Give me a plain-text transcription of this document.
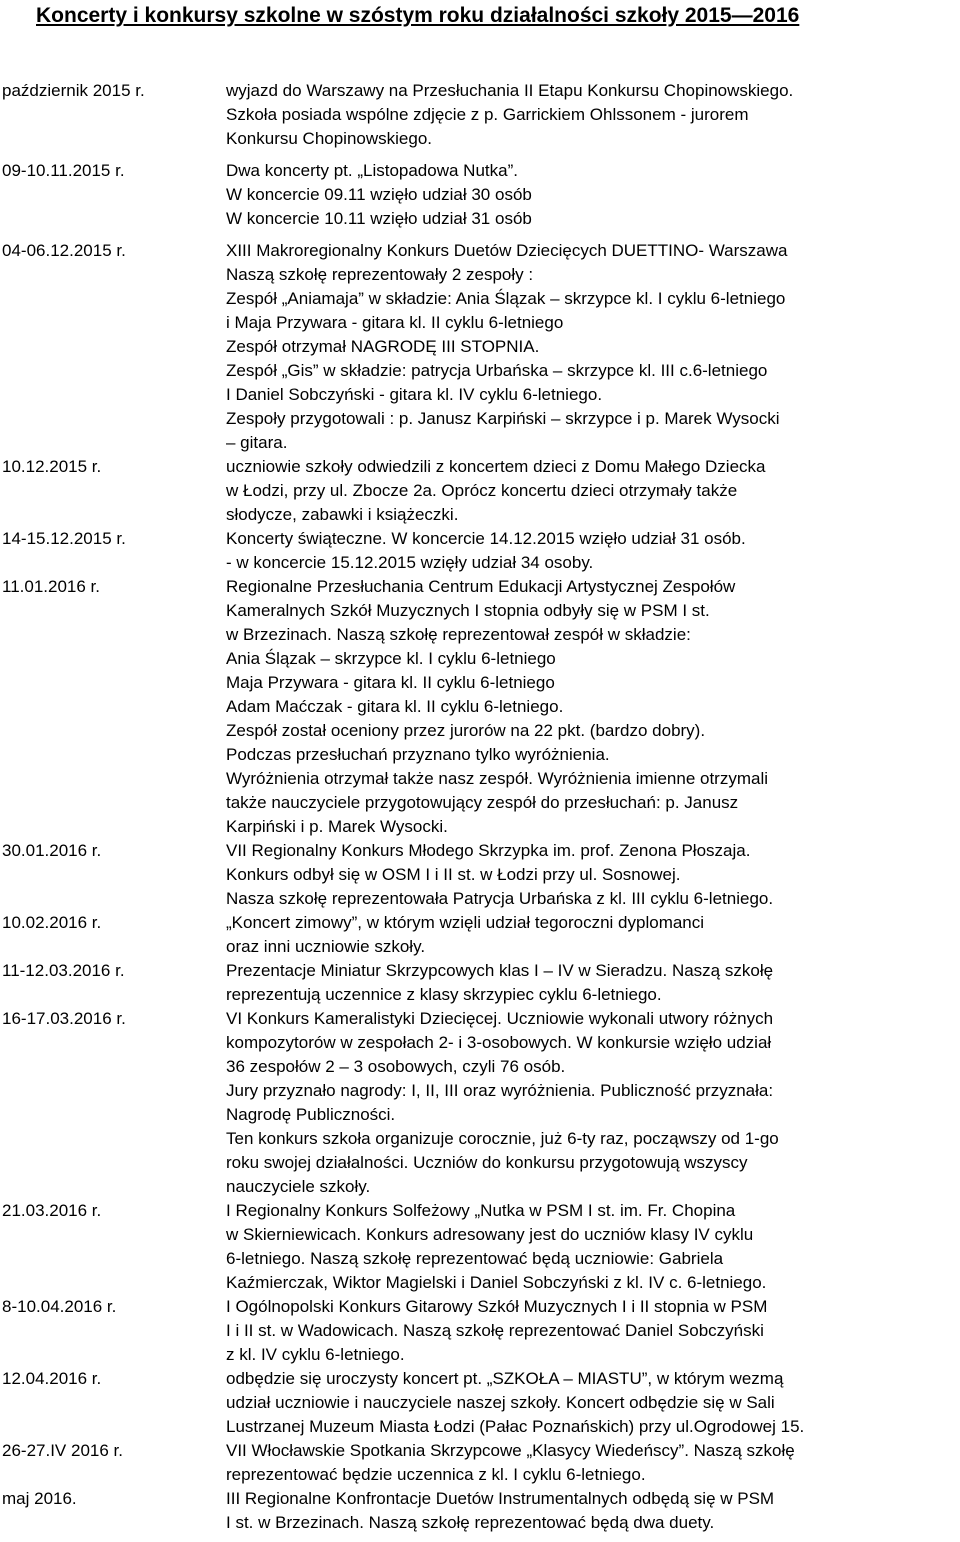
Koncerty i konkursy szkolne w szóstym roku działalności szkoły 2015—2016
październik 2015 r.	wyjazd do Warszawy na Przesłuchania II Etapu Konkursu Chopinowskiego.
Szkoła posiada wspólne zdjęcie z p. Garrickiem Ohlssonem - jurorem
Konkursu Chopinowskiego.
09-10.11.2015 r.	Dwa koncerty pt. „Listopadowa Nutka”.
W koncercie 09.11 wzięło udział 30 osób
W koncercie 10.11 wzięło udział 31 osób
04-06.12.2015 r.	XIII Makroregionalny Konkurs Duetów Dziecięcych DUETTINO- Warszawa
Naszą szkołę reprezentowały 2 zespoły :
Zespół „Aniamaja” w składzie: Ania Ślązak – skrzypce kl. I cyklu 6-letniego
i Maja Przywara - gitara kl. II cyklu 6-letniego
Zespół otrzymał NAGRODĘ III STOPNIA.
Zespół „Gis” w składzie: patrycja Urbańska – skrzypce kl. III c.6-letniego
I Daniel Sobczyński - gitara kl. IV cyklu 6-letniego.
Zespoły przygotowali : p. Janusz Karpiński – skrzypce i p. Marek Wysocki
– gitara.
10.12.2015 r.	uczniowie szkoły odwiedzili z koncertem dzieci z Domu Małego Dziecka
w Łodzi, przy ul. Zbocze 2a. Oprócz koncertu dzieci otrzymały także
słodycze, zabawki i książeczki.
14-15.12.2015 r.	Koncerty świąteczne. W koncercie 14.12.2015 wzięło udział 31 osób.
- w koncercie 15.12.2015 wzięły udział 34 osoby.
11.01.2016 r.	Regionalne Przesłuchania Centrum Edukacji Artystycznej Zespołów
Kameralnych Szkół Muzycznych I stopnia odbyły się w PSM I st.
w Brzezinach. Naszą szkołę reprezentował zespół w składzie:
Ania Ślązak – skrzypce kl. I cyklu 6-letniego
Maja Przywara - gitara kl. II cyklu 6-letniego
Adam Maćczak - gitara kl. II cyklu 6-letniego.
Zespół został oceniony przez jurorów na 22 pkt. (bardzo dobry).
Podczas przesłuchań przyznano tylko wyróżnienia.
Wyróżnienia otrzymał także nasz zespół. Wyróżnienia imienne otrzymali
także nauczyciele przygotowujący zespół do przesłuchań: p. Janusz
Karpiński i p. Marek Wysocki.
30.01.2016 r.	VII Regionalny Konkurs Młodego Skrzypka im. prof. Zenona Płoszaja.
Konkurs odbył się w OSM I i II st. w Łodzi przy ul. Sosnowej.
Nasza szkołę reprezentowała Patrycja Urbańska z kl. III cyklu 6-letniego.
10.02.2016 r.	„Koncert zimowy”, w którym wzięli udział tegoroczni dyplomanci
oraz inni uczniowie szkoły.
11-12.03.2016 r.	Prezentacje Miniatur Skrzypcowych klas I – IV w Sieradzu. Naszą szkołę
reprezentują uczennice z klasy skrzypiec cyklu 6-letniego.
16-17.03.2016 r.	VI Konkurs Kameralistyki Dziecięcej. Uczniowie wykonali utwory różnych
kompozytorów w zespołach 2- i 3-osobowych. W konkursie wzięło udział
36 zespołów 2 – 3 osobowych, czyli 76 osób.
Jury przyznało nagrody: I, II, III oraz wyróżnienia. Publiczność przyznała:
Nagrodę Publiczności.
Ten konkurs szkoła organizuje corocznie, już 6-ty raz, począwszy od 1-go
roku swojej działalności. Uczniów do konkursu przygotowują wszyscy
nauczyciele szkoły.
21.03.2016 r.	I Regionalny Konkurs Solfeżowy „Nutka w PSM I st. im. Fr. Chopina
w Skierniewicach. Konkurs adresowany jest do uczniów klasy IV cyklu
6-letniego. Naszą szkołę reprezentować będą uczniowie: Gabriela
Kaźmierczak, Wiktor Magielski i Daniel Sobczyński z kl. IV c. 6-letniego.
8-10.04.2016 r.	I Ogólnopolski Konkurs Gitarowy Szkół Muzycznych I i II stopnia w PSM
I i II st. w Wadowicach. Naszą szkołę reprezentować Daniel Sobczyński
z kl. IV cyklu 6-letniego.
12.04.2016 r.	odbędzie się uroczysty koncert pt. „SZKOŁA – MIASTU”, w którym wezmą
udział uczniowie i nauczyciele naszej szkoły. Koncert odbędzie się w Sali
Lustrzanej Muzeum Miasta Łodzi (Pałac Poznańskich) przy ul.Ogrodowej 15.
26-27.IV 2016 r.	VII Włocławskie Spotkania Skrzypcowe „Klasycy Wiedeńscy”. Naszą szkołę
reprezentować będzie uczennica z kl. I cyklu 6-letniego.
maj 2016.	III Regionalne Konfrontacje Duetów Instrumentalnych odbędą się w PSM
I st. w Brzezinach. Naszą szkołę reprezentować będą dwa duety.
